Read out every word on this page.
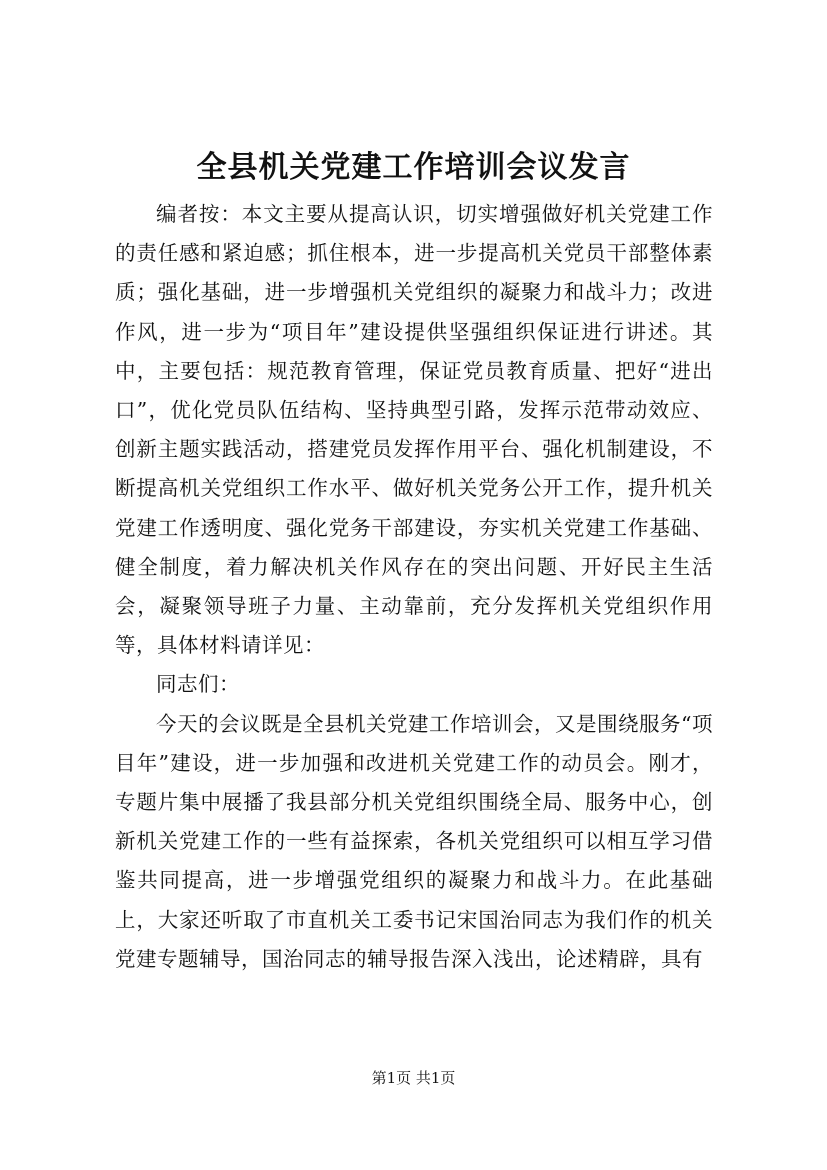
全县机关党建工作培训会议发言

编者按：本文主要从提高认识，切实增强做好机关党建工作的责任感和紧迫感；抓住根本，进一步提高机关党员干部整体素质；强化基础，进一步增强机关党组织的凝聚力和战斗力；改进作风，进一步为“项目年”建设提供坚强组织保证进行讲述。其中，主要包括：规范教育管理，保证党员教育质量、把好“进出口”，优化党员队伍结构、坚持典型引路，发挥示范带动效应、创新主题实践活动，搭建党员发挥作用平台、强化机制建设，不断提高机关党组织工作水平、做好机关党务公开工作，提升机关党建工作透明度、强化党务干部建设，夯实机关党建工作基础、健全制度，着力解决机关作风存在的突出问题、开好民主生活会，凝聚领导班子力量、主动靠前，充分发挥机关党组织作用等，具体材料请详见：

同志们：

今天的会议既是全县机关党建工作培训会，又是围绕服务“项目年”建设，进一步加强和改进机关党建工作的动员会。刚才，专题片集中展播了我县部分机关党组织围绕全局、服务中心，创新机关党建工作的一些有益探索，各机关党组织可以相互学习借鉴共同提高，进一步增强党组织的凝聚力和战斗力。在此基础上，大家还听取了市直机关工委书记宋国治同志为我们作的机关党建专题辅导，国治同志的辅导报告深入浅出，论述精辟，具有

第1页 共1页
